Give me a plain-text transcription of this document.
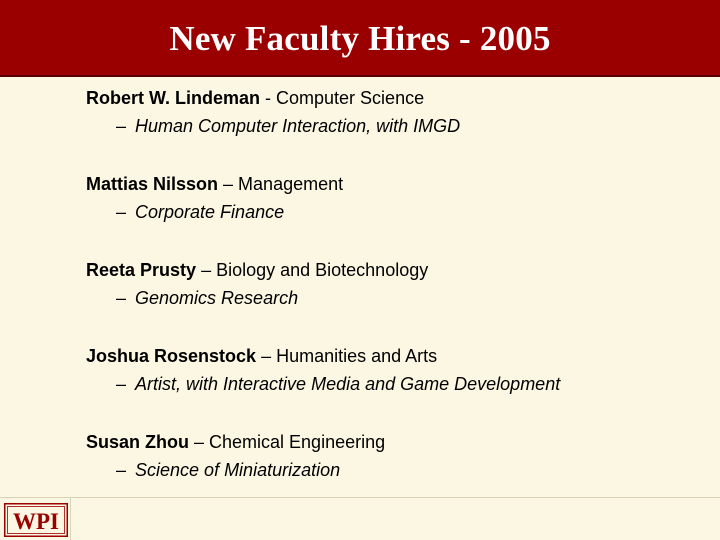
New Faculty Hires - 2005
Robert W. Lindeman - Computer Science
– Human Computer Interaction, with IMGD
Mattias Nilsson – Management
– Corporate Finance
Reeta Prusty – Biology and Biotechnology
– Genomics Research
Joshua Rosenstock – Humanities and Arts
– Artist, with Interactive Media and Game Development
Susan Zhou – Chemical Engineering
– Science of Miniaturization
WPI
